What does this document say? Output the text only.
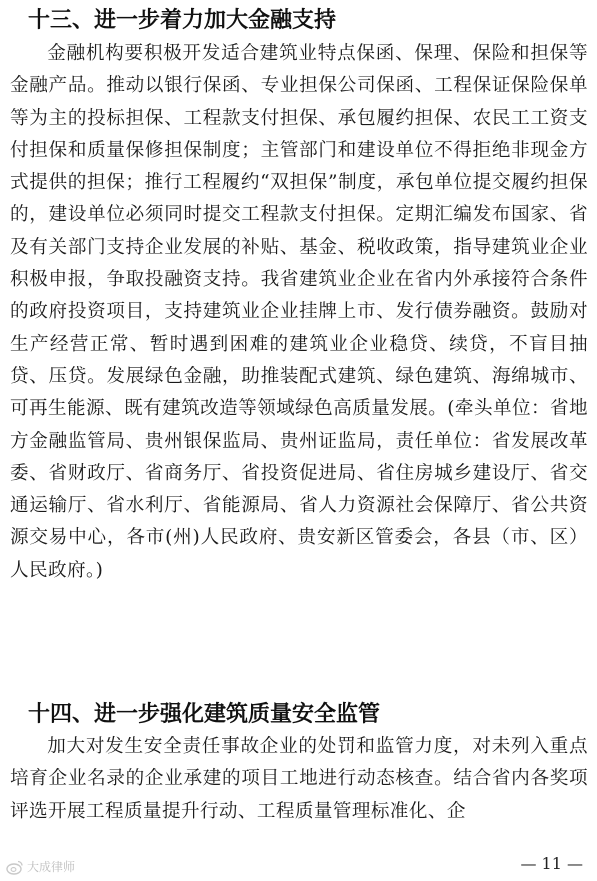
十三、进一步着力加大金融支持

金融机构要积极开发适合建筑业特点保函、保理、保险和担保等金融产品。推动以银行保函、专业担保公司保函、工程保证保险保单等为主的投标担保、工程款支付担保、承包履约担保、农民工工资支付担保和质量保修担保制度；主管部门和建设单位不得拒绝非现金方式提供的担保；推行工程履约“双担保”制度，承包单位提交履约担保的，建设单位必须同时提交工程款支付担保。定期汇编发布国家、省及有关部门支持企业发展的补贴、基金、税收政策，指导建筑业企业积极申报，争取投融资支持。我省建筑业企业在省内外承接符合条件的政府投资项目，支持建筑业企业挂牌上市、发行债券融资。鼓励对生产经营正常、暂时遇到困难的建筑业企业稳贷、续贷，不盲目抽贷、压贷。发展绿色金融，助推装配式建筑、绿色建筑、海绵城市、可再生能源、既有建筑改造等领域绿色高质量发展。(牵头单位：省地方金融监管局、贵州银保监局、贵州证监局，责任单位：省发展改革委、省财政厅、省商务厅、省投资促进局、省住房城乡建设厅、省交通运输厅、省水利厅、省能源局、省人力资源社会保障厅、省公共资源交易中心，各市(州)人民政府、贵安新区管委会，各县（市、区）人民政府。)

十四、进一步强化建筑质量安全监管

加大对发生安全责任事故企业的处罚和监管力度，对未列入重点培育企业名录的企业承建的项目工地进行动态核查。结合省内各奖项评选开展工程质量提升行动、工程质量管理标准化、企

大成律师	— 11 —
